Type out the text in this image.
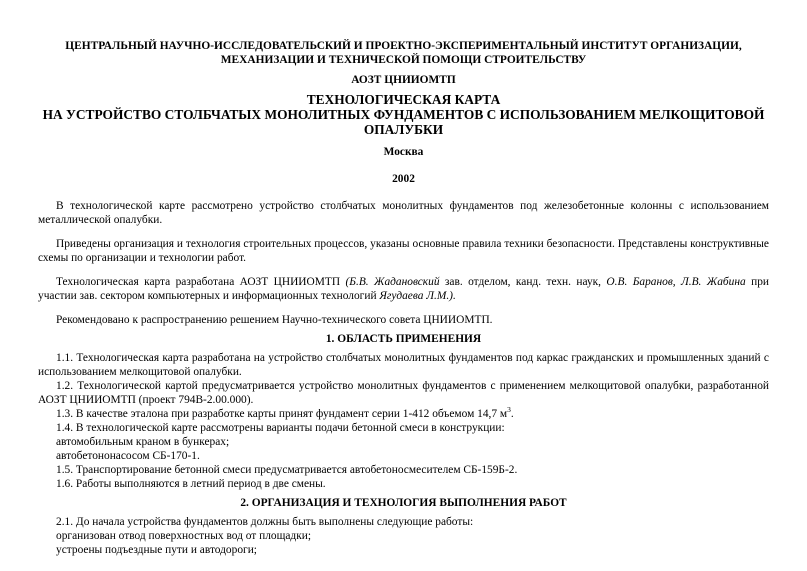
ЦЕНТРАЛЬНЫЙ НАУЧНО-ИССЛЕДОВАТЕЛЬСКИЙ И ПРОЕКТНО-ЭКСПЕРИМЕНТАЛЬНЫЙ ИНСТИТУТ ОРГАНИЗАЦИИ,
МЕХАНИЗАЦИИ И ТЕХНИЧЕСКОЙ ПОМОЩИ СТРОИТЕЛЬСТВУ

АОЗТ ЦНИИОМТП

ТЕХНОЛОГИЧЕСКАЯ КАРТА
НА УСТРОЙСТВО СТОЛБЧАТЫХ МОНОЛИТНЫХ ФУНДАМЕНТОВ С ИСПОЛЬЗОВАНИЕМ МЕЛКОЩИТОВОЙ
ОПАЛУБКИ

Москва

2002

В технологической карте рассмотрено устройство столбчатых монолитных фундаментов под железобетонные колонны с использованием металлической опалубки.

Приведены организация и технология строительных процессов, указаны основные правила техники безопасности. Представлены конструктивные схемы по организации и технологии работ.

Технологическая карта разработана АОЗТ ЦНИИОМТП (Б.В. Жадановский зав. отделом, канд. техн. наук, О.В. Баранов, Л.В. Жабина при участии зав. сектором компьютерных и информационных технологий Ягудаева Л.М.).

Рекомендовано к распространению решением Научно-технического совета ЦНИИОМТП.

1. ОБЛАСТЬ ПРИМЕНЕНИЯ

1.1. Технологическая карта разработана на устройство столбчатых монолитных фундаментов под каркас гражданских и промышленных зданий с использованием мелкощитовой опалубки.

1.2. Технологической картой предусматривается устройство монолитных фундаментов с применением мелкощитовой опалубки, разработанной АОЗТ ЦНИИОМТП (проект 794В-2.00.000).

1.3. В качестве эталона при разработке карты принят фундамент серии 1-412 объемом 14,7 $м^3$.

1.4. В технологической карте рассмотрены варианты подачи бетонной смеси в конструкции:

автомобильным краном в бункерах;

автобетононасосом СБ-170-1.

1.5. Транспортирование бетонной смеси предусматривается автобетоносмесителем СБ-159Б-2.

1.6. Работы выполняются в летний период в две смены.

2. ОРГАНИЗАЦИЯ И ТЕХНОЛОГИЯ ВЫПОЛНЕНИЯ РАБОТ

2.1. До начала устройства фундаментов должны быть выполнены следующие работы:

организован отвод поверхностных вод от площадки;

устроены подъездные пути и автодороги;
